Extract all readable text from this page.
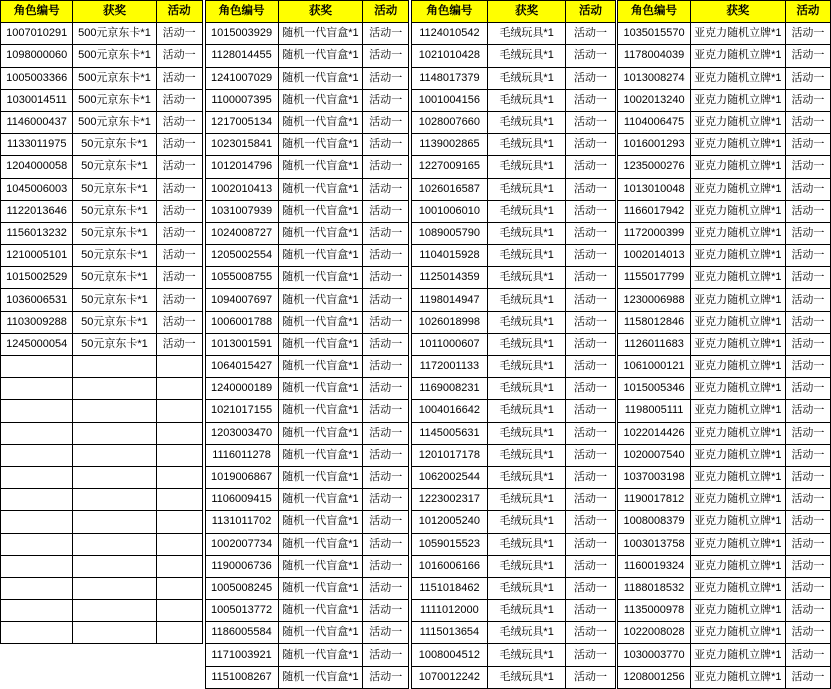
角色编号	获奖	活动
1007010291	500元京东卡*1	活动一
1098000060	500元京东卡*1	活动一
1005003366	500元京东卡*1	活动一
1030014511	500元京东卡*1	活动一
1146000437	500元京东卡*1	活动一
1133011975	50元京东卡*1	活动一
1204000058	50元京东卡*1	活动一
1045006003	50元京东卡*1	活动一
1122013646	50元京东卡*1	活动一
1156013232	50元京东卡*1	活动一
1210005101	50元京东卡*1	活动一
1015002529	50元京东卡*1	活动一
1036006531	50元京东卡*1	活动一
1103009288	50元京东卡*1	活动一
1245000054	50元京东卡*1	活动一

角色编号	获奖	活动
1015003929	随机一代盲盒*1	活动一
1128014455	随机一代盲盒*1	活动一
1241007029	随机一代盲盒*1	活动一
1100007395	随机一代盲盒*1	活动一
1217005134	随机一代盲盒*1	活动一
1023015841	随机一代盲盒*1	活动一
1012014796	随机一代盲盒*1	活动一
1002010413	随机一代盲盒*1	活动一
1031007939	随机一代盲盒*1	活动一
1024008727	随机一代盲盒*1	活动一
1205002554	随机一代盲盒*1	活动一
1055008755	随机一代盲盒*1	活动一
1094007697	随机一代盲盒*1	活动一
1006001788	随机一代盲盒*1	活动一
1013001591	随机一代盲盒*1	活动一
1064015427	随机一代盲盒*1	活动一
1240000189	随机一代盲盒*1	活动一
1021017155	随机一代盲盒*1	活动一
1203003470	随机一代盲盒*1	活动一
1116011278	随机一代盲盒*1	活动一
1019006867	随机一代盲盒*1	活动一
1106009415	随机一代盲盒*1	活动一
1131011702	随机一代盲盒*1	活动一
1002007734	随机一代盲盒*1	活动一
1190006736	随机一代盲盒*1	活动一
1005008245	随机一代盲盒*1	活动一
1005013772	随机一代盲盒*1	活动一
1186005584	随机一代盲盒*1	活动一
1171003921	随机一代盲盒*1	活动一
1151008267	随机一代盲盒*1	活动一
角色编号	获奖	活动
1124010542	毛绒玩具*1	活动一
1021010428	毛绒玩具*1	活动一
1148017379	毛绒玩具*1	活动一
1001004156	毛绒玩具*1	活动一
1028007660	毛绒玩具*1	活动一
1139002865	毛绒玩具*1	活动一
1227009165	毛绒玩具*1	活动一
1026016587	毛绒玩具*1	活动一
1001006010	毛绒玩具*1	活动一
1089005790	毛绒玩具*1	活动一
1104015928	毛绒玩具*1	活动一
1125014359	毛绒玩具*1	活动一
1198014947	毛绒玩具*1	活动一
1026018998	毛绒玩具*1	活动一
1011000607	毛绒玩具*1	活动一
1172001133	毛绒玩具*1	活动一
1169008231	毛绒玩具*1	活动一
1004016642	毛绒玩具*1	活动一
1145005631	毛绒玩具*1	活动一
1201017178	毛绒玩具*1	活动一
1062002544	毛绒玩具*1	活动一
1223002317	毛绒玩具*1	活动一
1012005240	毛绒玩具*1	活动一
1059015523	毛绒玩具*1	活动一
1016006166	毛绒玩具*1	活动一
1151018462	毛绒玩具*1	活动一
1111012000	毛绒玩具*1	活动一
1115013654	毛绒玩具*1	活动一
1008004512	毛绒玩具*1	活动一
1070012242	毛绒玩具*1	活动一
角色编号	获奖	活动
1035015570	亚克力随机立牌*1	活动一
1178004039	亚克力随机立牌*1	活动一
1013008274	亚克力随机立牌*1	活动一
1002013240	亚克力随机立牌*1	活动一
1104006475	亚克力随机立牌*1	活动一
1016001293	亚克力随机立牌*1	活动一
1235000276	亚克力随机立牌*1	活动一
1013010048	亚克力随机立牌*1	活动一
1166017942	亚克力随机立牌*1	活动一
1172000399	亚克力随机立牌*1	活动一
1002014013	亚克力随机立牌*1	活动一
1155017799	亚克力随机立牌*1	活动一
1230006988	亚克力随机立牌*1	活动一
1158012846	亚克力随机立牌*1	活动一
1126011683	亚克力随机立牌*1	活动一
1061000121	亚克力随机立牌*1	活动一
1015005346	亚克力随机立牌*1	活动一
1198005111	亚克力随机立牌*1	活动一
1022014426	亚克力随机立牌*1	活动一
1020007540	亚克力随机立牌*1	活动一
1037003198	亚克力随机立牌*1	活动一
1190017812	亚克力随机立牌*1	活动一
1008008379	亚克力随机立牌*1	活动一
1003013758	亚克力随机立牌*1	活动一
1160019324	亚克力随机立牌*1	活动一
1188018532	亚克力随机立牌*1	活动一
1135000978	亚克力随机立牌*1	活动一
1022008028	亚克力随机立牌*1	活动一
1030003770	亚克力随机立牌*1	活动一
1208001256	亚克力随机立牌*1	活动一
